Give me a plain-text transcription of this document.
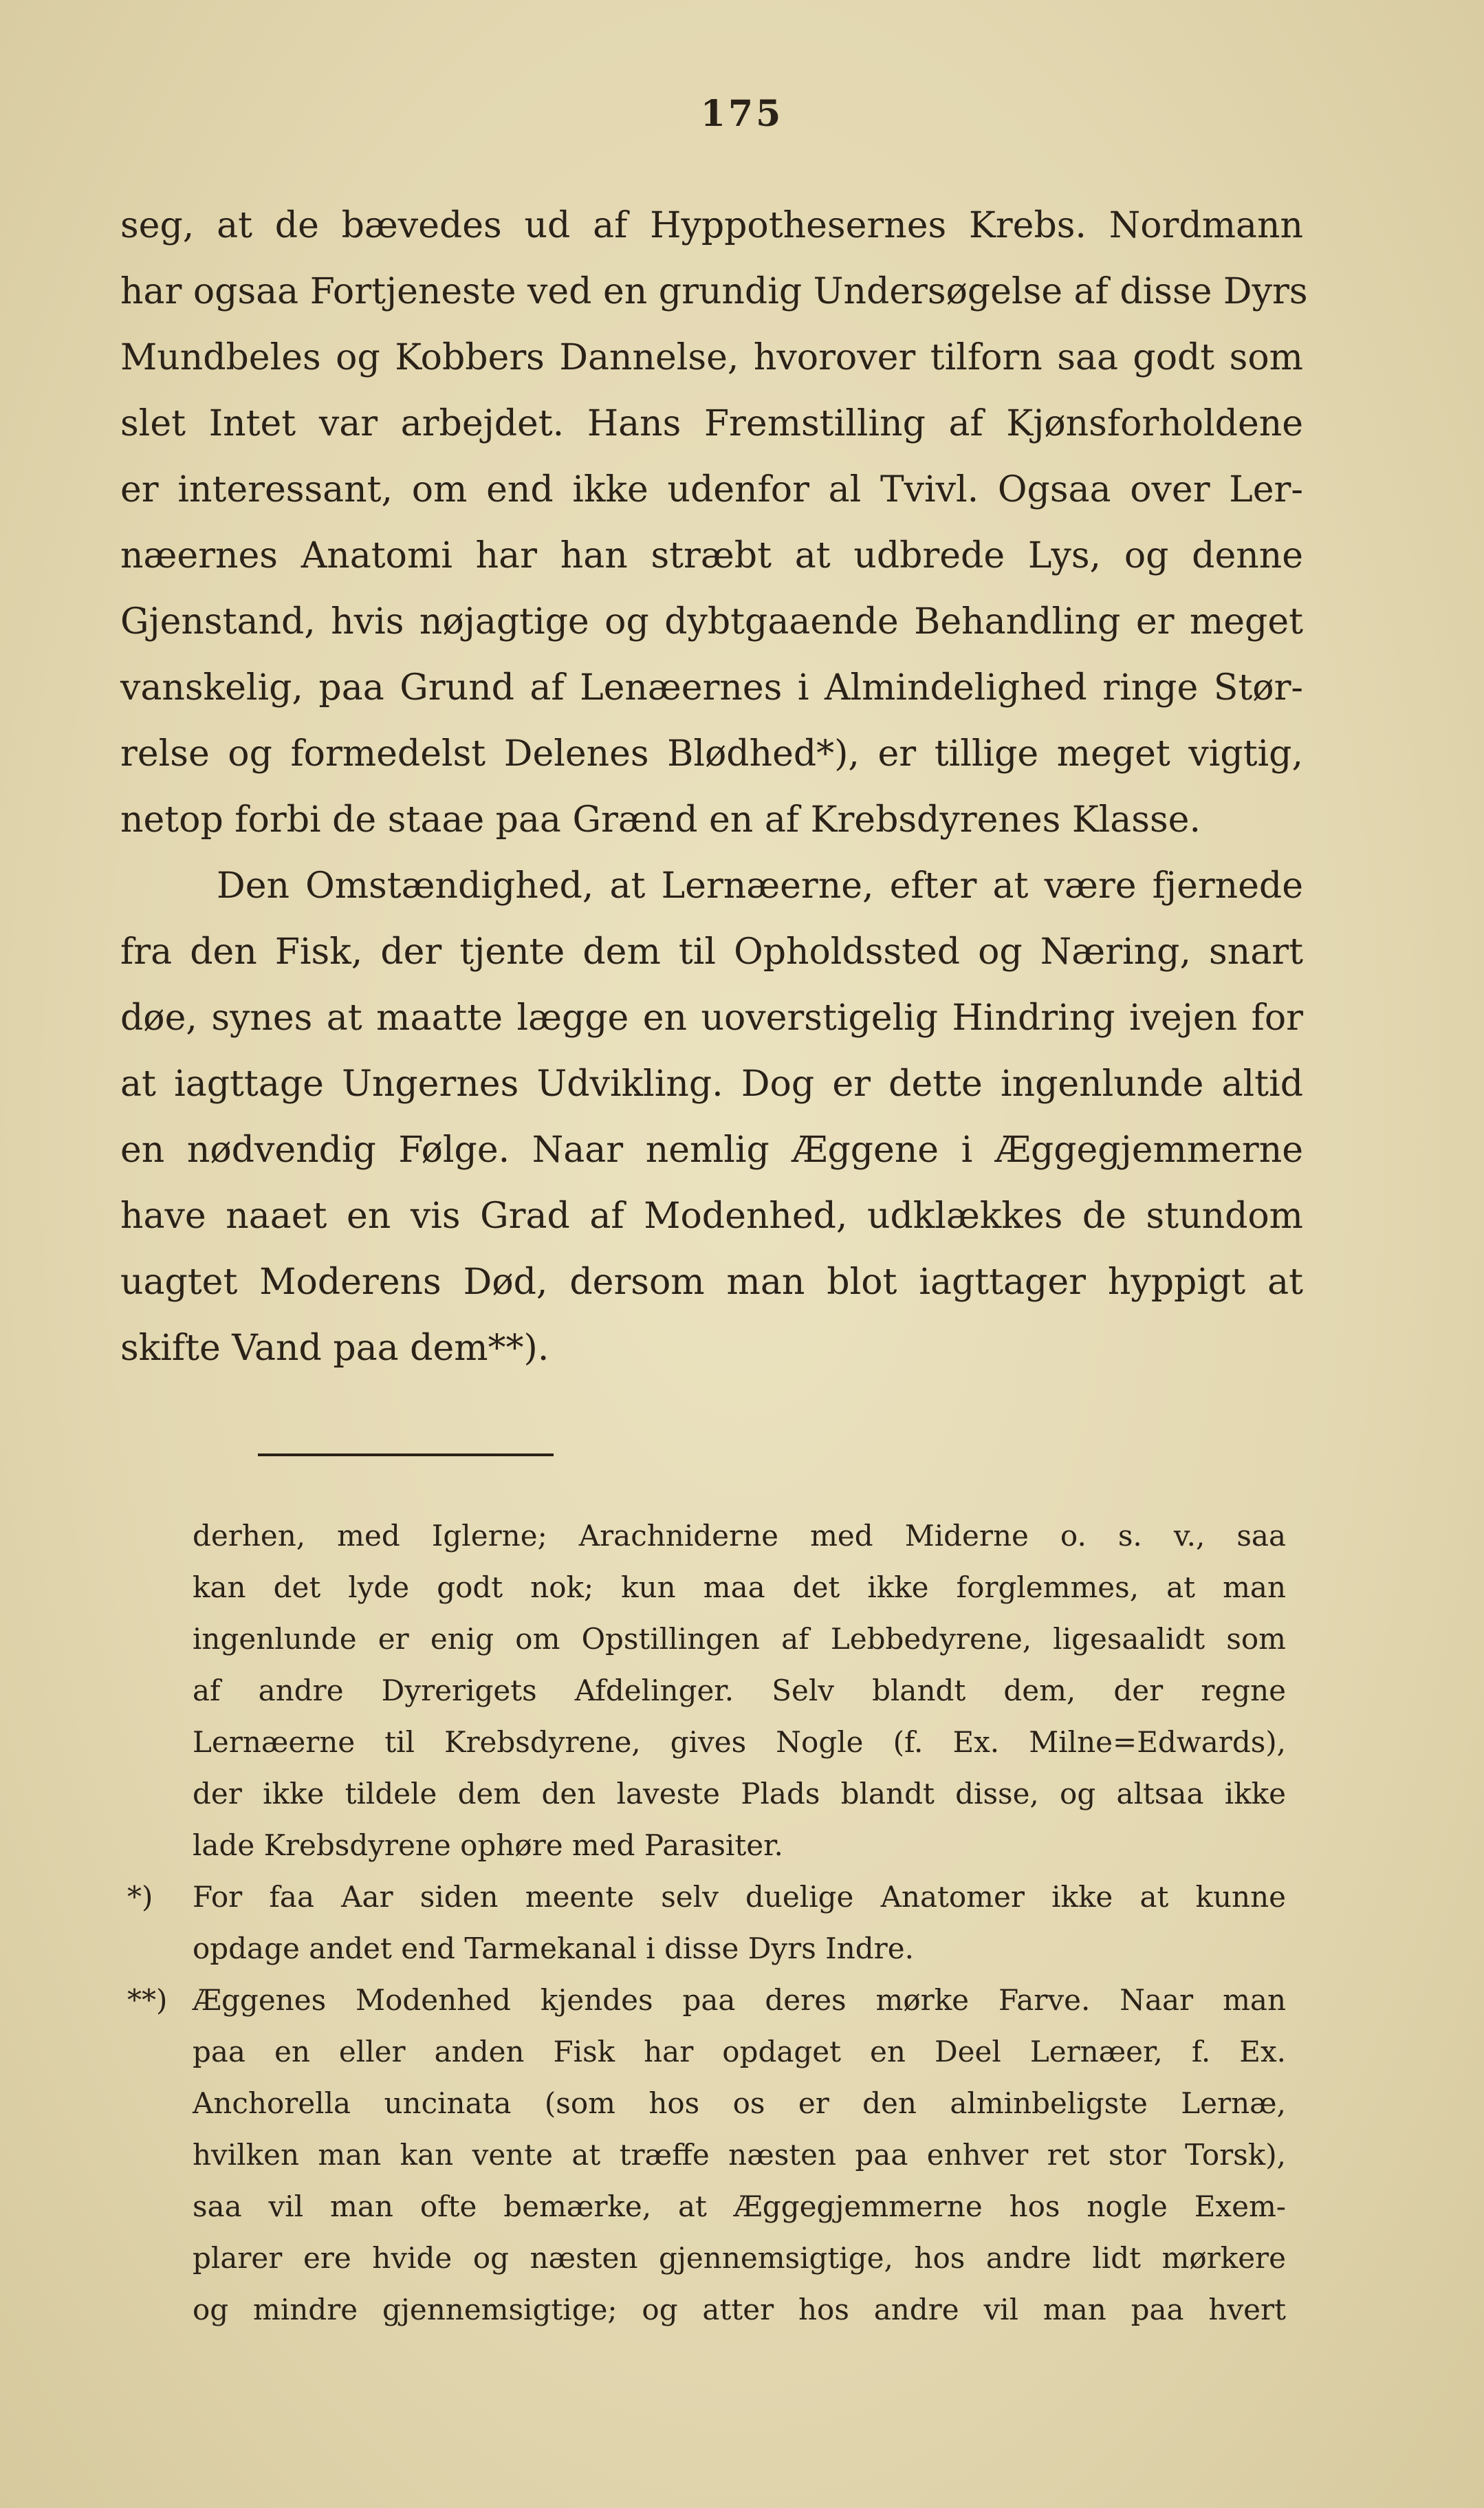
175
seg, at de bævedes ud af Hyppothesernes Krebs. Nordmann
har ogsaa Fortjeneste ved en grundig Undersøgelse af disse Dyrs
Mundbeles og Kobbers Dannelse, hvorover tilforn saa godt som
slet Intet var arbejdet. Hans Fremstilling af Kjønsforholdene
er interessant, om end ikke udenfor al Tvivl. Ogsaa over Ler-
næernes Anatomi har han stræbt at udbrede Lys, og denne
Gjenstand, hvis nøjagtige og dybtgaaende Behandling er meget
vanskelig, paa Grund af Lenæernes i Almindelighed ringe Stør-
relse og formedelst Delenes Blødhed*), er tillige meget vigtig,
netop forbi de staae paa Grænd en af Krebsdyrenes Klasse.
Den Omstændighed, at Lernæerne, efter at være fjernede
fra den Fisk, der tjente dem til Opholdssted og Næring, snart
døe, synes at maatte lægge en uoverstigelig Hindring ivejen for
at iagttage Ungernes Udvikling. Dog er dette ingenlunde altid
en nødvendig Følge. Naar nemlig Æggene i Æggegjemmerne
have naaet en vis Grad af Modenhed, udklækkes de stundom
uagtet Moderens Død, dersom man blot iagttager hyppigt at
skifte Vand paa dem**).
derhen, med Iglerne; Arachniderne med Miderne o. s. v., saa
kan det lyde godt nok; kun maa det ikke forglemmes, at man
ingenlunde er enig om Opstillingen af Lebbedyrene, ligesaalidt som
af andre Dyrerigets Afdelinger. Selv blandt dem, der regne
Lernæerne til Krebsdyrene, gives Nogle (f. Ex. Milne=Edwards),
der ikke tildele dem den laveste Plads blandt disse, og altsaa ikke
lade Krebsdyrene ophøre med Parasiter.
*) For faa Aar siden meente selv duelige Anatomer ikke at kunne
opdage andet end Tarmekanal i disse Dyrs Indre.
**) Æggenes Modenhed kjendes paa deres mørke Farve. Naar man
paa en eller anden Fisk har opdaget en Deel Lernæer, f. Ex.
Anchorella uncinata (som hos os er den alminbeligste Lernæ,
hvilken man kan vente at træffe næsten paa enhver ret stor Torsk),
saa vil man ofte bemærke, at Æggegjemmerne hos nogle Exem-
plarer ere hvide og næsten gjennemsigtige, hos andre lidt mørkere
og mindre gjennemsigtige; og atter hos andre vil man paa hvert
